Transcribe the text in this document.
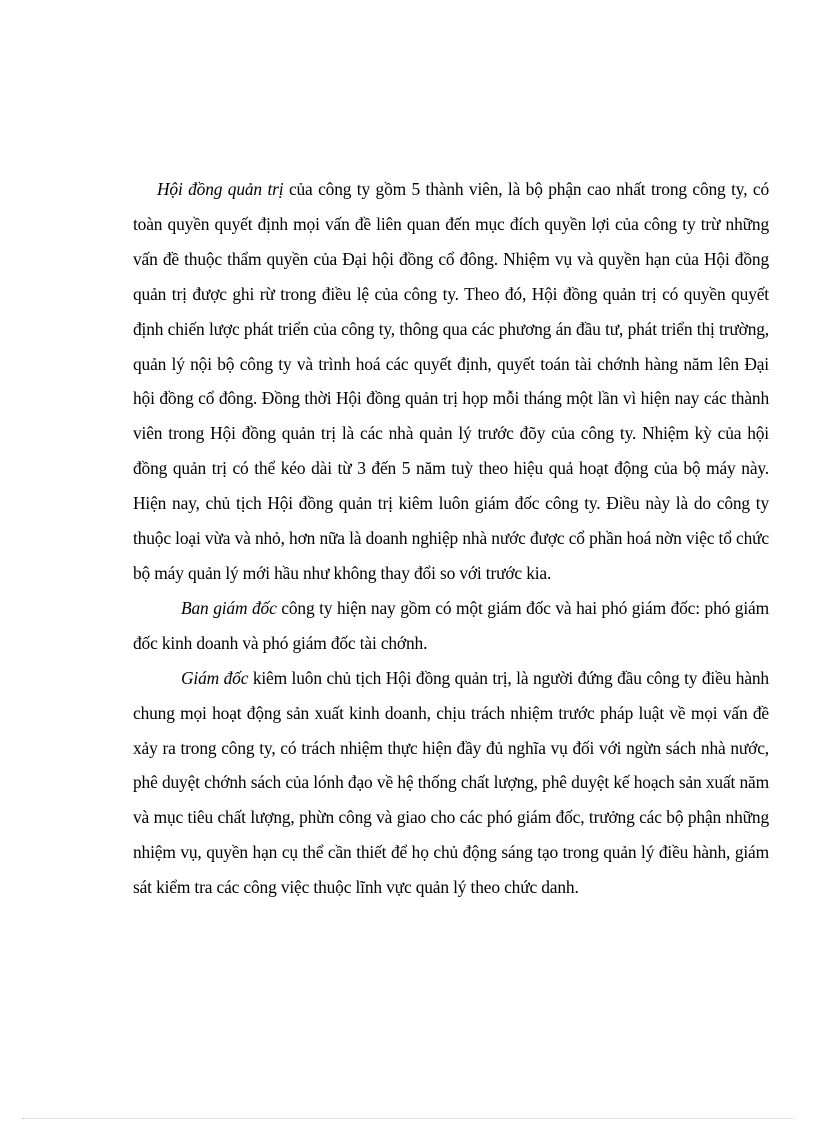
Hội đồng quản trị của công ty gồm 5 thành viên, là bộ phận cao nhất trong công ty, có toàn quyền quyết định mọi vấn đề liên quan đến mục đích quyền lợi của công ty trừ những vấn đề thuộc thẩm quyền của Đại hội đồng cổ đông. Nhiệm vụ và quyền hạn của Hội đồng quản trị được ghi rừ trong điều lệ của công ty. Theo đó, Hội đồng quản trị có quyền quyết định chiến lược phát triển của công ty, thông qua các phương án đầu tư, phát triển thị trường, quản lý nội bộ công ty và trình hoá các quyết định, quyết toán tài chớnh hàng năm lên Đại hội đồng cổ đông. Đồng thời Hội đồng quản trị họp mỗi tháng một lần vì hiện nay các thành viên trong Hội đồng quản trị là các nhà quản lý trước đõy của công ty. Nhiệm kỳ của hội đồng quản trị có thể kéo dài từ 3 đến 5 năm tuỳ theo hiệu quả hoạt động của bộ máy này. Hiện nay, chủ tịch Hội đồng quản trị kiêm luôn giám đốc công ty. Điều này là do công ty thuộc loại vừa và nhỏ, hơn nữa là doanh nghiệp nhà nước được cổ phần hoá nờn việc tổ chức bộ máy quản lý mới hầu như không thay đổi so với trước kia.

Ban giám đốc công ty hiện nay gồm có một giám đốc và hai phó giám đốc: phó giám đốc kinh doanh và phó giám đốc tài chớnh.

Giám đốc kiêm luôn chủ tịch Hội đồng quản trị, là người đứng đầu công ty điều hành chung mọi hoạt động sản xuất kinh doanh, chịu trách nhiệm trước pháp luật về mọi vấn đề xảy ra trong công ty, có trách nhiệm thực hiện đầy đủ nghĩa vụ đối với ngừn sách nhà nước, phê duyệt chớnh sách của lónh đạo về hệ thống chất lượng, phê duyệt kế hoạch sản xuất năm và mục tiêu chất lượng, phừn công và giao cho các phó giám đốc, trưởng các bộ phận những nhiệm vụ, quyền hạn cụ thể cần thiết để họ chủ động sáng tạo trong quản lý điều hành, giám sát kiểm tra các công việc thuộc lĩnh vực quản lý theo chức danh.
